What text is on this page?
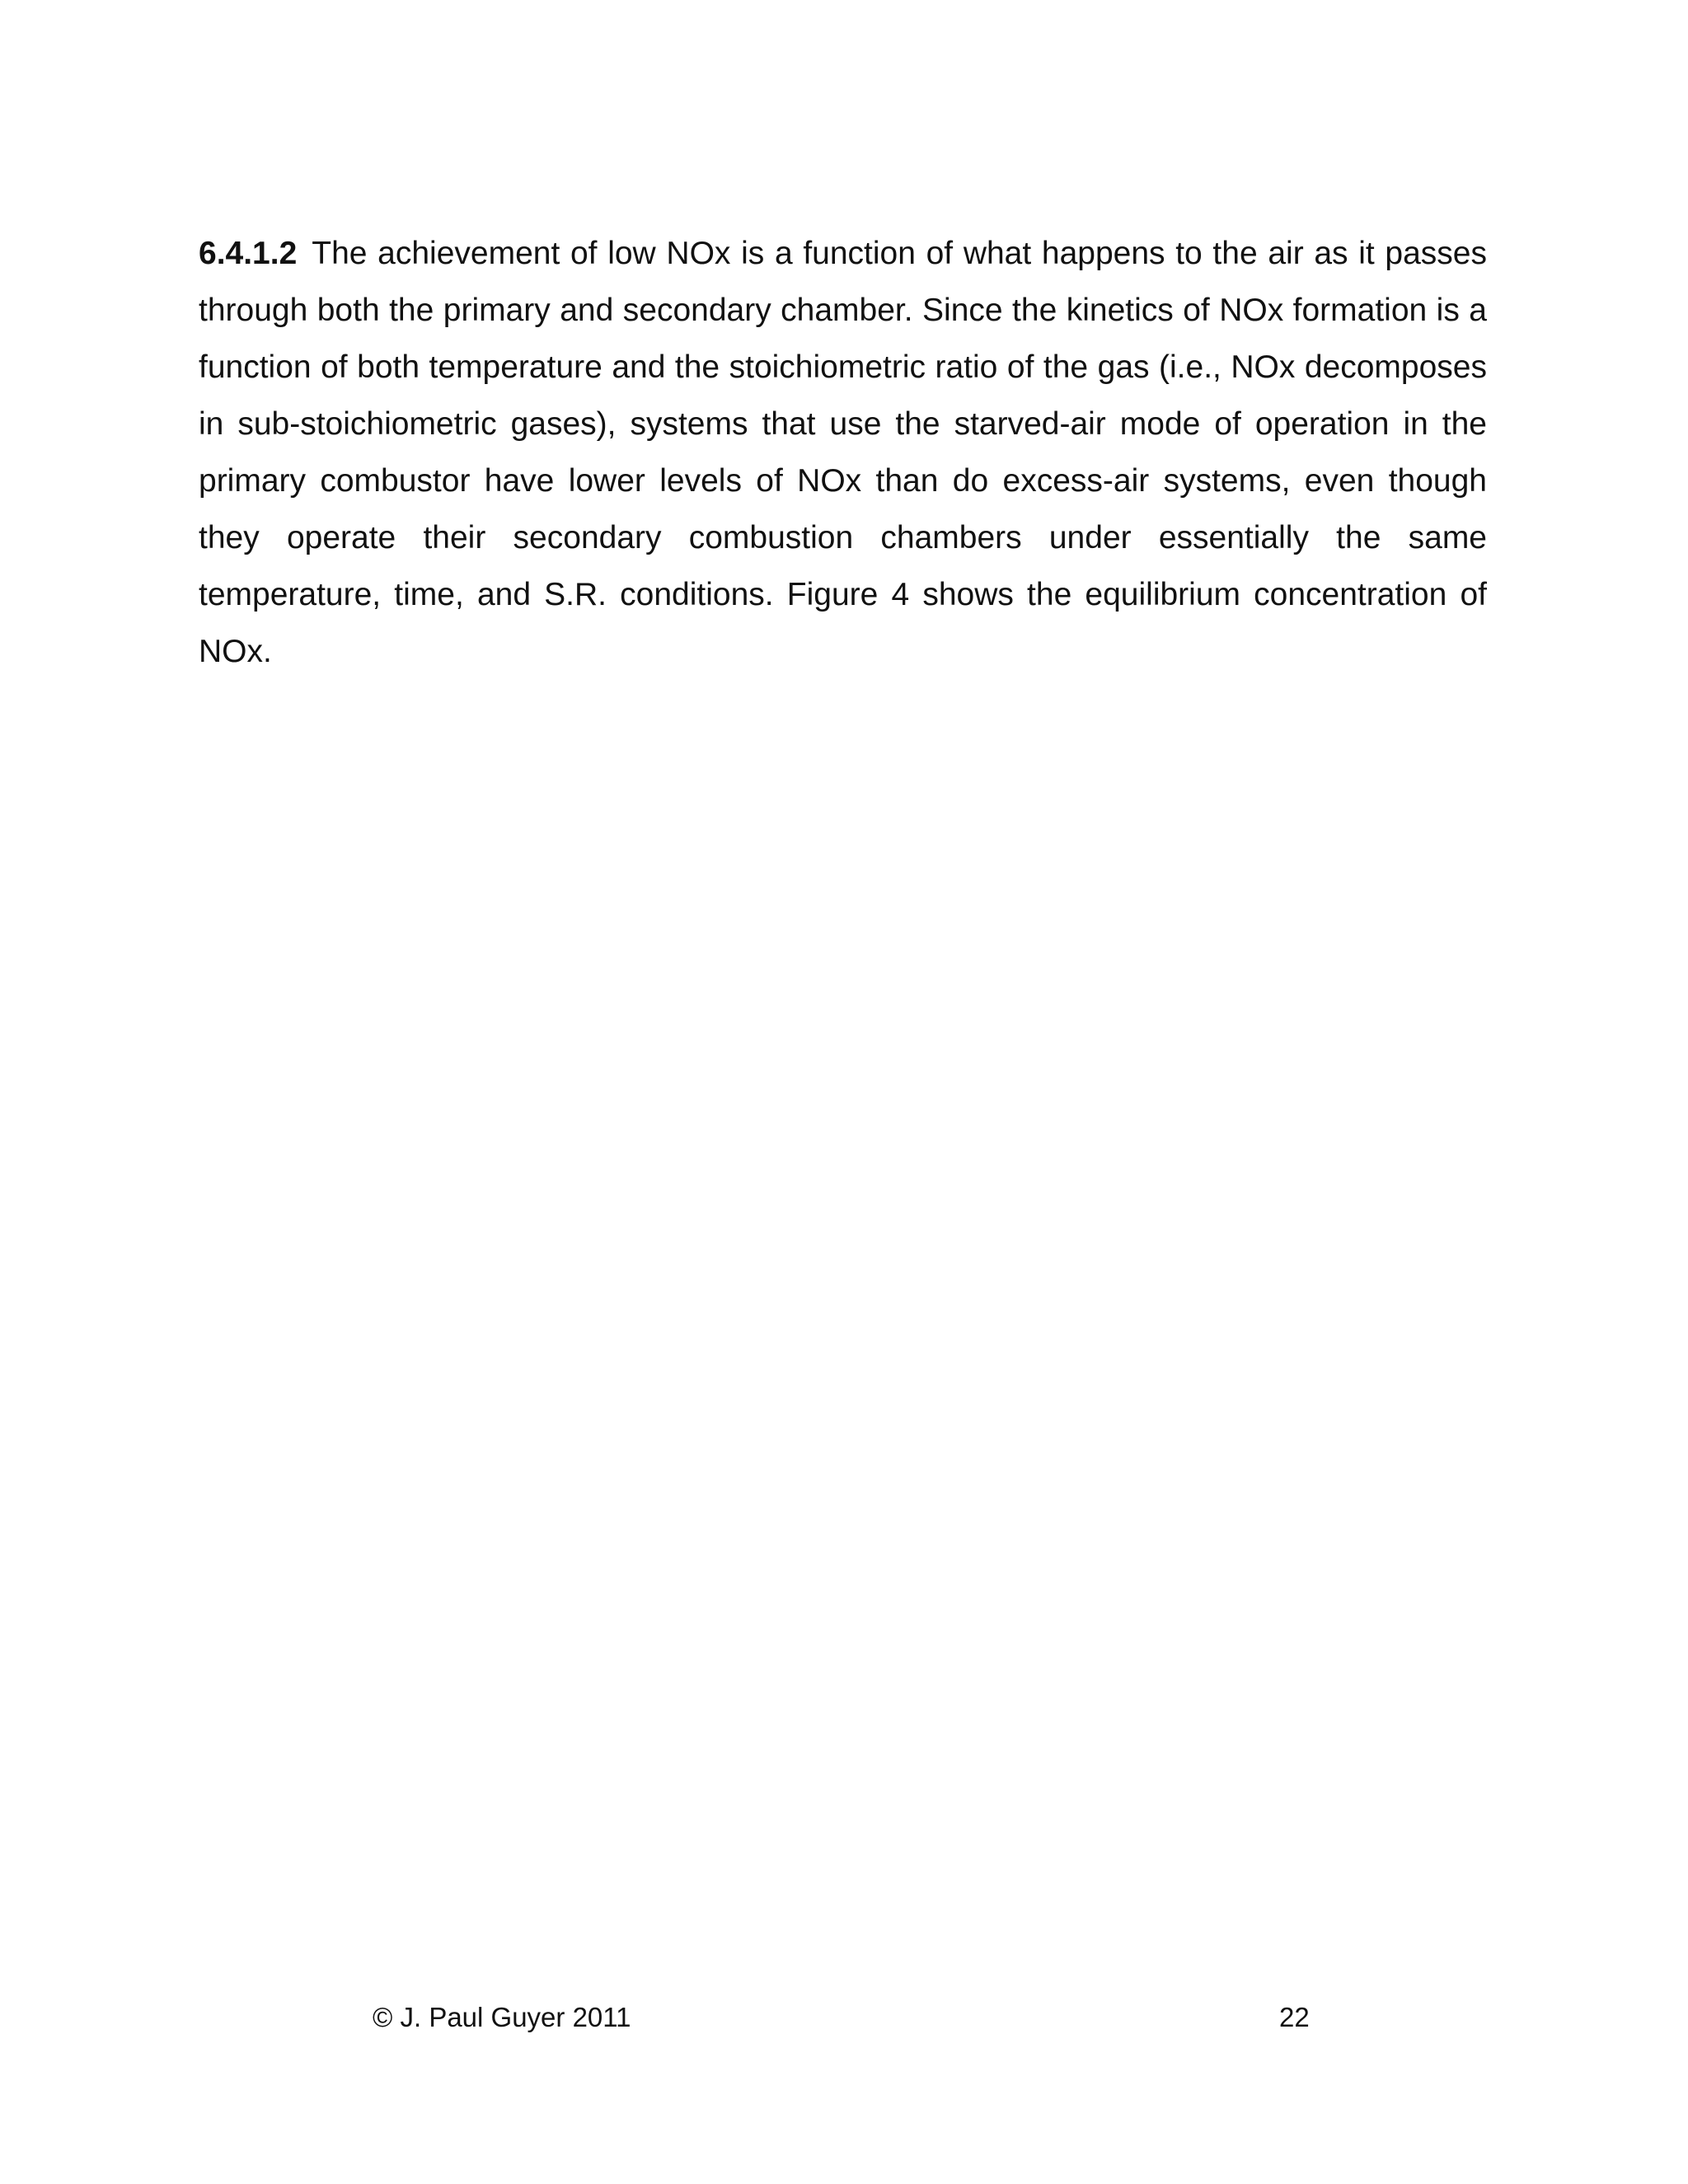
6.4.1.2 The achievement of low NOx is a function of what happens to the air as it passes through both the primary and secondary chamber. Since the kinetics of NOx formation is a function of both temperature and the stoichiometric ratio of the gas (i.e., NOx decomposes in sub-stoichiometric gases), systems that use the starved-air mode of operation in the primary combustor have lower levels of NOx than do excess-air systems, even though they operate their secondary combustion chambers under essentially the same temperature, time, and S.R. conditions. Figure 4 shows the equilibrium concentration of NOx.

© J. Paul Guyer 2011	22
